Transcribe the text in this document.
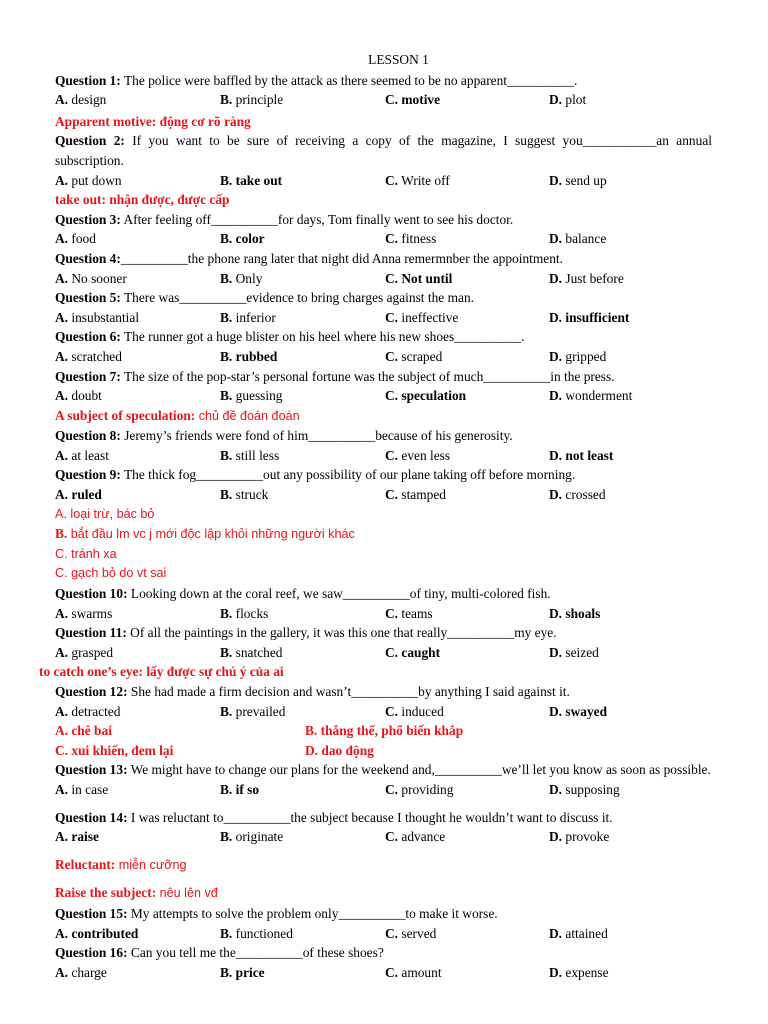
LESSON 1
Question 1: The police were baffled by the attack as there seemed to be no apparent__________.
A. design	B. principle	C. motive	D. plot
Apparent motive: động cơ rõ ràng
Question 2: If you want to be sure of receiving a copy of the magazine, I suggest you___________an annual subscription.
A. put down	B. take out	C. Write off	D. send up
take out: nhận được, được cấp
Question 3: After feeling off__________for days, Tom finally went to see his doctor.
A. food	B. color	C. fitness	D. balance
Question 4:__________the phone rang later that night did Anna remermnber the appointment.
A. No sooner	B. Only	C. Not until	D. Just before
Question 5: There was__________evidence to bring charges against the man.
A. insubstantial	B. inferior	C. ineffective	D. insufficient
Question 6: The runner got a huge blister on his heel where his new shoes__________.
A. scratched	B. rubbed	C. scraped	D. gripped
Question 7: The size of the pop-star’s personal fortune was the subject of much__________in the press.
A. doubt	B. guessing	C. speculation	D. wonderment
A subject of speculation: chủ đề đoán đoán
Question 8: Jeremy’s friends were fond of him__________because of his generosity.
A. at least	B. still less	C. even less	D. not least
Question 9: The thick fog__________out any possibility of our plane taking off before morning.
A. ruled	B. struck	C. stamped	D. crossed
A. loại trừ, bác bỏ
B. bắt đầu lm vc j mới độc lập khỏi những người khác
C. tránh xa
C. gạch bỏ do vt sai
Question 10: Looking down at the coral reef, we saw__________of tiny, multi-colored fish.
A. swarms	B. flocks	C. teams	D. shoals
Question 11: Of all the paintings in the gallery, it was this one that really__________my eye.
A. grasped	B. snatched	C. caught	D. seized
to catch one’s eye: lấy được sự chú ý của ai
Question 12: She had made a firm decision and wasn’t__________by anything I said against it.
A. detracted	B. prevailed	C. induced	D. swayed
A. chê bai	B. thắng thế, phổ biến khắp
C. xui khiến, đem lại	D. dao động
Question 13: We might have to change our plans for the weekend and,__________we’ll let you know as soon as possible.
A. in case	B. if so	C. providing	D. supposing
Question 14: I was reluctant to__________the subject because I thought he wouldn’t want to discuss it.
A. raise	B. originate	C. advance	D. provoke
Reluctant: miễn cưỡng
Raise the subject: nêu lên vđ
Question 15: My attempts to solve the problem only__________to make it worse.
A. contributed	B. functioned	C. served	D. attained
Question 16: Can you tell me the__________of these shoes?
A. charge	B. price	C. amount	D. expense
